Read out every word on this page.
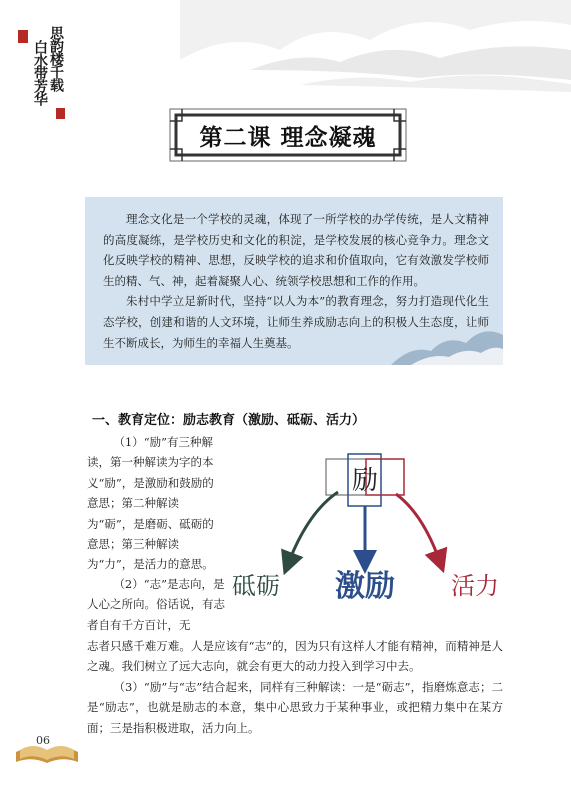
思韵楼千载
白水带芳华
第二课 理念凝魂

理念文化是一个学校的灵魂，体现了一所学校的办学传统，是人文精神的高度凝练，是学校历史和文化的积淀，是学校发展的核心竞争力。理念文化反映学校的精神、思想，反映学校的追求和价值取向，它有效激发学校师生的精、气、神，起着凝聚人心、统领学校思想和工作的作用。

朱村中学立足新时代，坚持“以人为本”的教育理念，努力打造现代化生态学校，创建和谐的人文环境，让师生养成励志向上的积极人生态度，让师生不断成长，为师生的幸福人生奠基。

一、教育定位：励志教育（激励、砥砺、活力）

（1）“励”有三种解读，第一种解读为字的本义“励”，是激励和鼓励的意思；第二种解读为“砺”，是磨砺、砥砺的意思；第三种解读为“力”，是活力的意思。

（2）“志”是志向，是人心之所向。俗话说，有志者自有千方百计，无

志者只感千难万难。人是应该有“志”的，因为只有这样人才能有精神，而精神是人之魂。我们树立了远大志向，就会有更大的动力投入到学习中去。

（3）“励”与“志”结合起来，同样有三种解读：一是“砺志”，指磨炼意志；二是“励志”，也就是励志的本意，集中心思致力于某种事业，或把精力集中在某方面；三是指积极进取，活力向上。

励
砥砺 激励 活力
06
